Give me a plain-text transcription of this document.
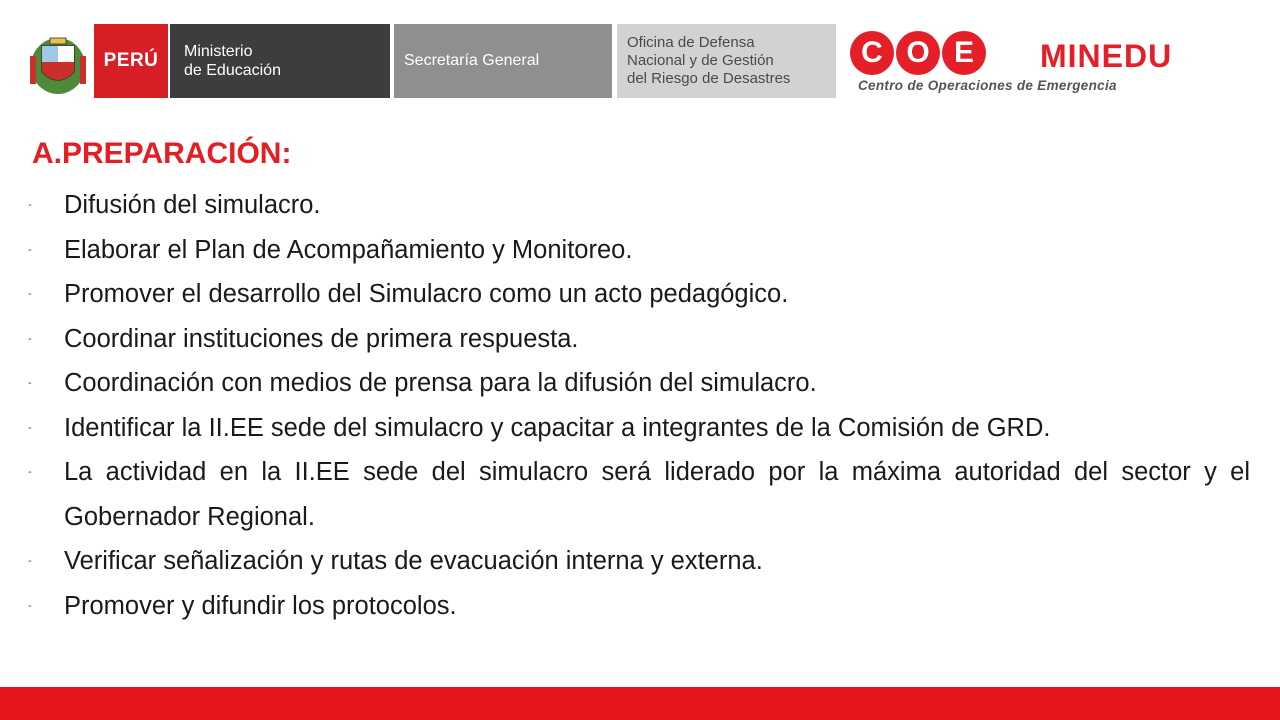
PERÚ Ministerio
de Educación
Secretaría General
Oficina de Defensa
Nacional y de Gestión
del Riesgo de Desastres
C O E	MINEDU
Centro de Operaciones de Emergencia
A.PREPARACIÓN:
- Difusión del simulacro.
- Elaborar el Plan de Acompañamiento y Monitoreo.
- Promover el desarrollo del Simulacro como un acto pedagógico.
- Coordinar instituciones de primera respuesta.
- Coordinación con medios de prensa para la difusión del simulacro.
- Identificar la II.EE sede del simulacro y capacitar a integrantes de la Comisión de GRD.
- La actividad en la II.EE sede del simulacro será liderado por la máxima autoridad del sector y el Gobernador Regional.
- Verificar señalización y rutas de evacuación interna y externa.
- Promover y difundir los protocolos.
